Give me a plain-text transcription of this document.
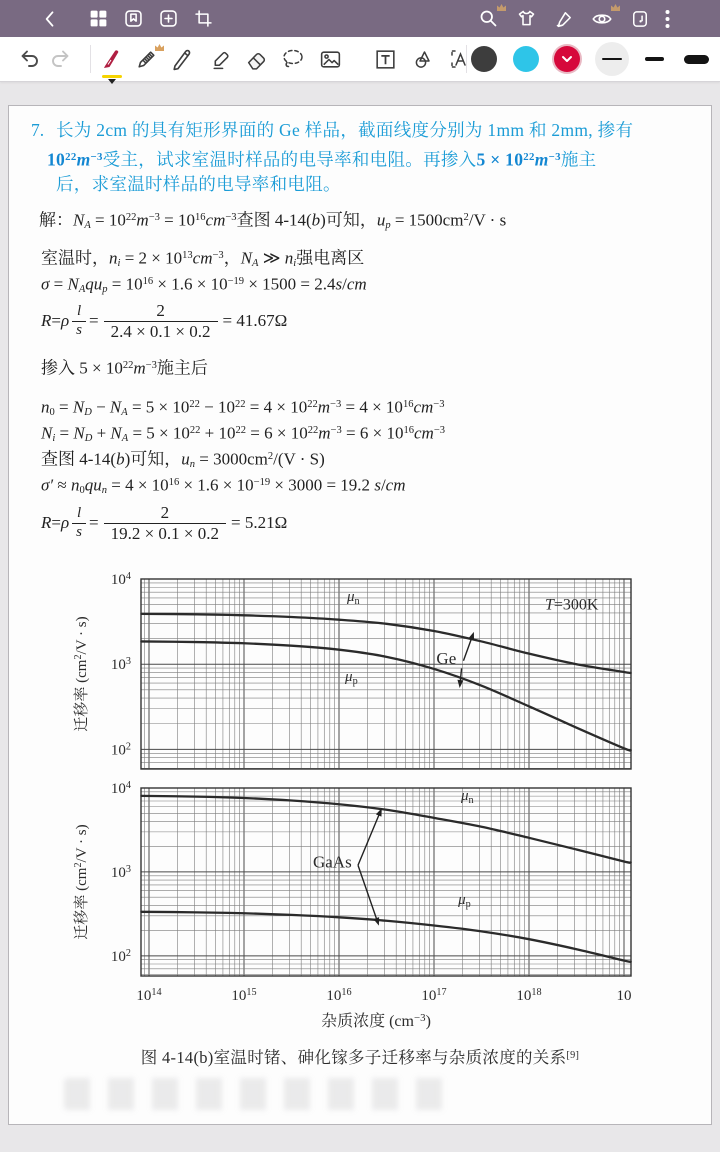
7. 长为 2cm 的具有矩形界面的 Ge 样品，截面线度分别为 1mm 和 2mm, 掺有
$10^{22}m^{-3}$受主，试求室温时样品的电导率和电阻。再掺入$5 \times 10^{22}m^{-3}$施主
后，求室温时样品的电导率和电阻。
解：NA = $10^{22}m^{-3} = 10^{16}cm^{-3}$查图 4-14(b)可知，up = $1500cm^2/V \cdot s$
室温时，ni = $2 \times 10^{13}cm^{-3}$，NA ≫ ni强电离区
σ = NAqup = $10^{16} \times 1.6 \times 10^{-19} \times 1500 = 2.4s/cm$
R = ρ $\frac{l}{s} = \frac{2}{2.4 \times 0.1 \times 0.2} = 41.67\Omega$
掺入 $5 \times 10^{22}m^{-3}$施主后
n0 = ND − NA = $5 \times 10^{22} - 10^{22} = 4 \times 10^{22}m^{-3} = 4 \times 10^{16}cm^{-3}$
Ni = ND + NA = $5 \times 10^{22} + 10^{22} = 6 \times 10^{22}m^{-3} = 6 \times 10^{16}cm^{-3}$
查图 4-14(b)可知，un = $3000cm^2/(V \cdot S)$
$\sigma' \approx n0qun = 4 \times 10^{16} \times 1.6 \times 10^{-19} \times 3000 = 19.2$ s/cm
R = ρ $\frac{l}{s} = \frac{2}{19.2 \times 0.1 \times 0.2} = 5.21\Omega$
$10^4$
$10^3$
$10^2$
迁移率 $(cm^2/V \cdot s)$
$\mu_n$
$\mu_p$
Ge
T=300K
$10^4$
$10^3$
$10^2$
迁移率 $(cm^2/V \cdot s)$
$\mu_n$
$\mu_p$
GaAs
$10^{14}$	$10^{15}$	$10^{16}$	$10^{17}$	$10^{18}$	10
杂质浓度 $(cm^{-3})$
图 4-14(b)室温时锗、砷化镓多子迁移率与杂质浓度的关系[9]
